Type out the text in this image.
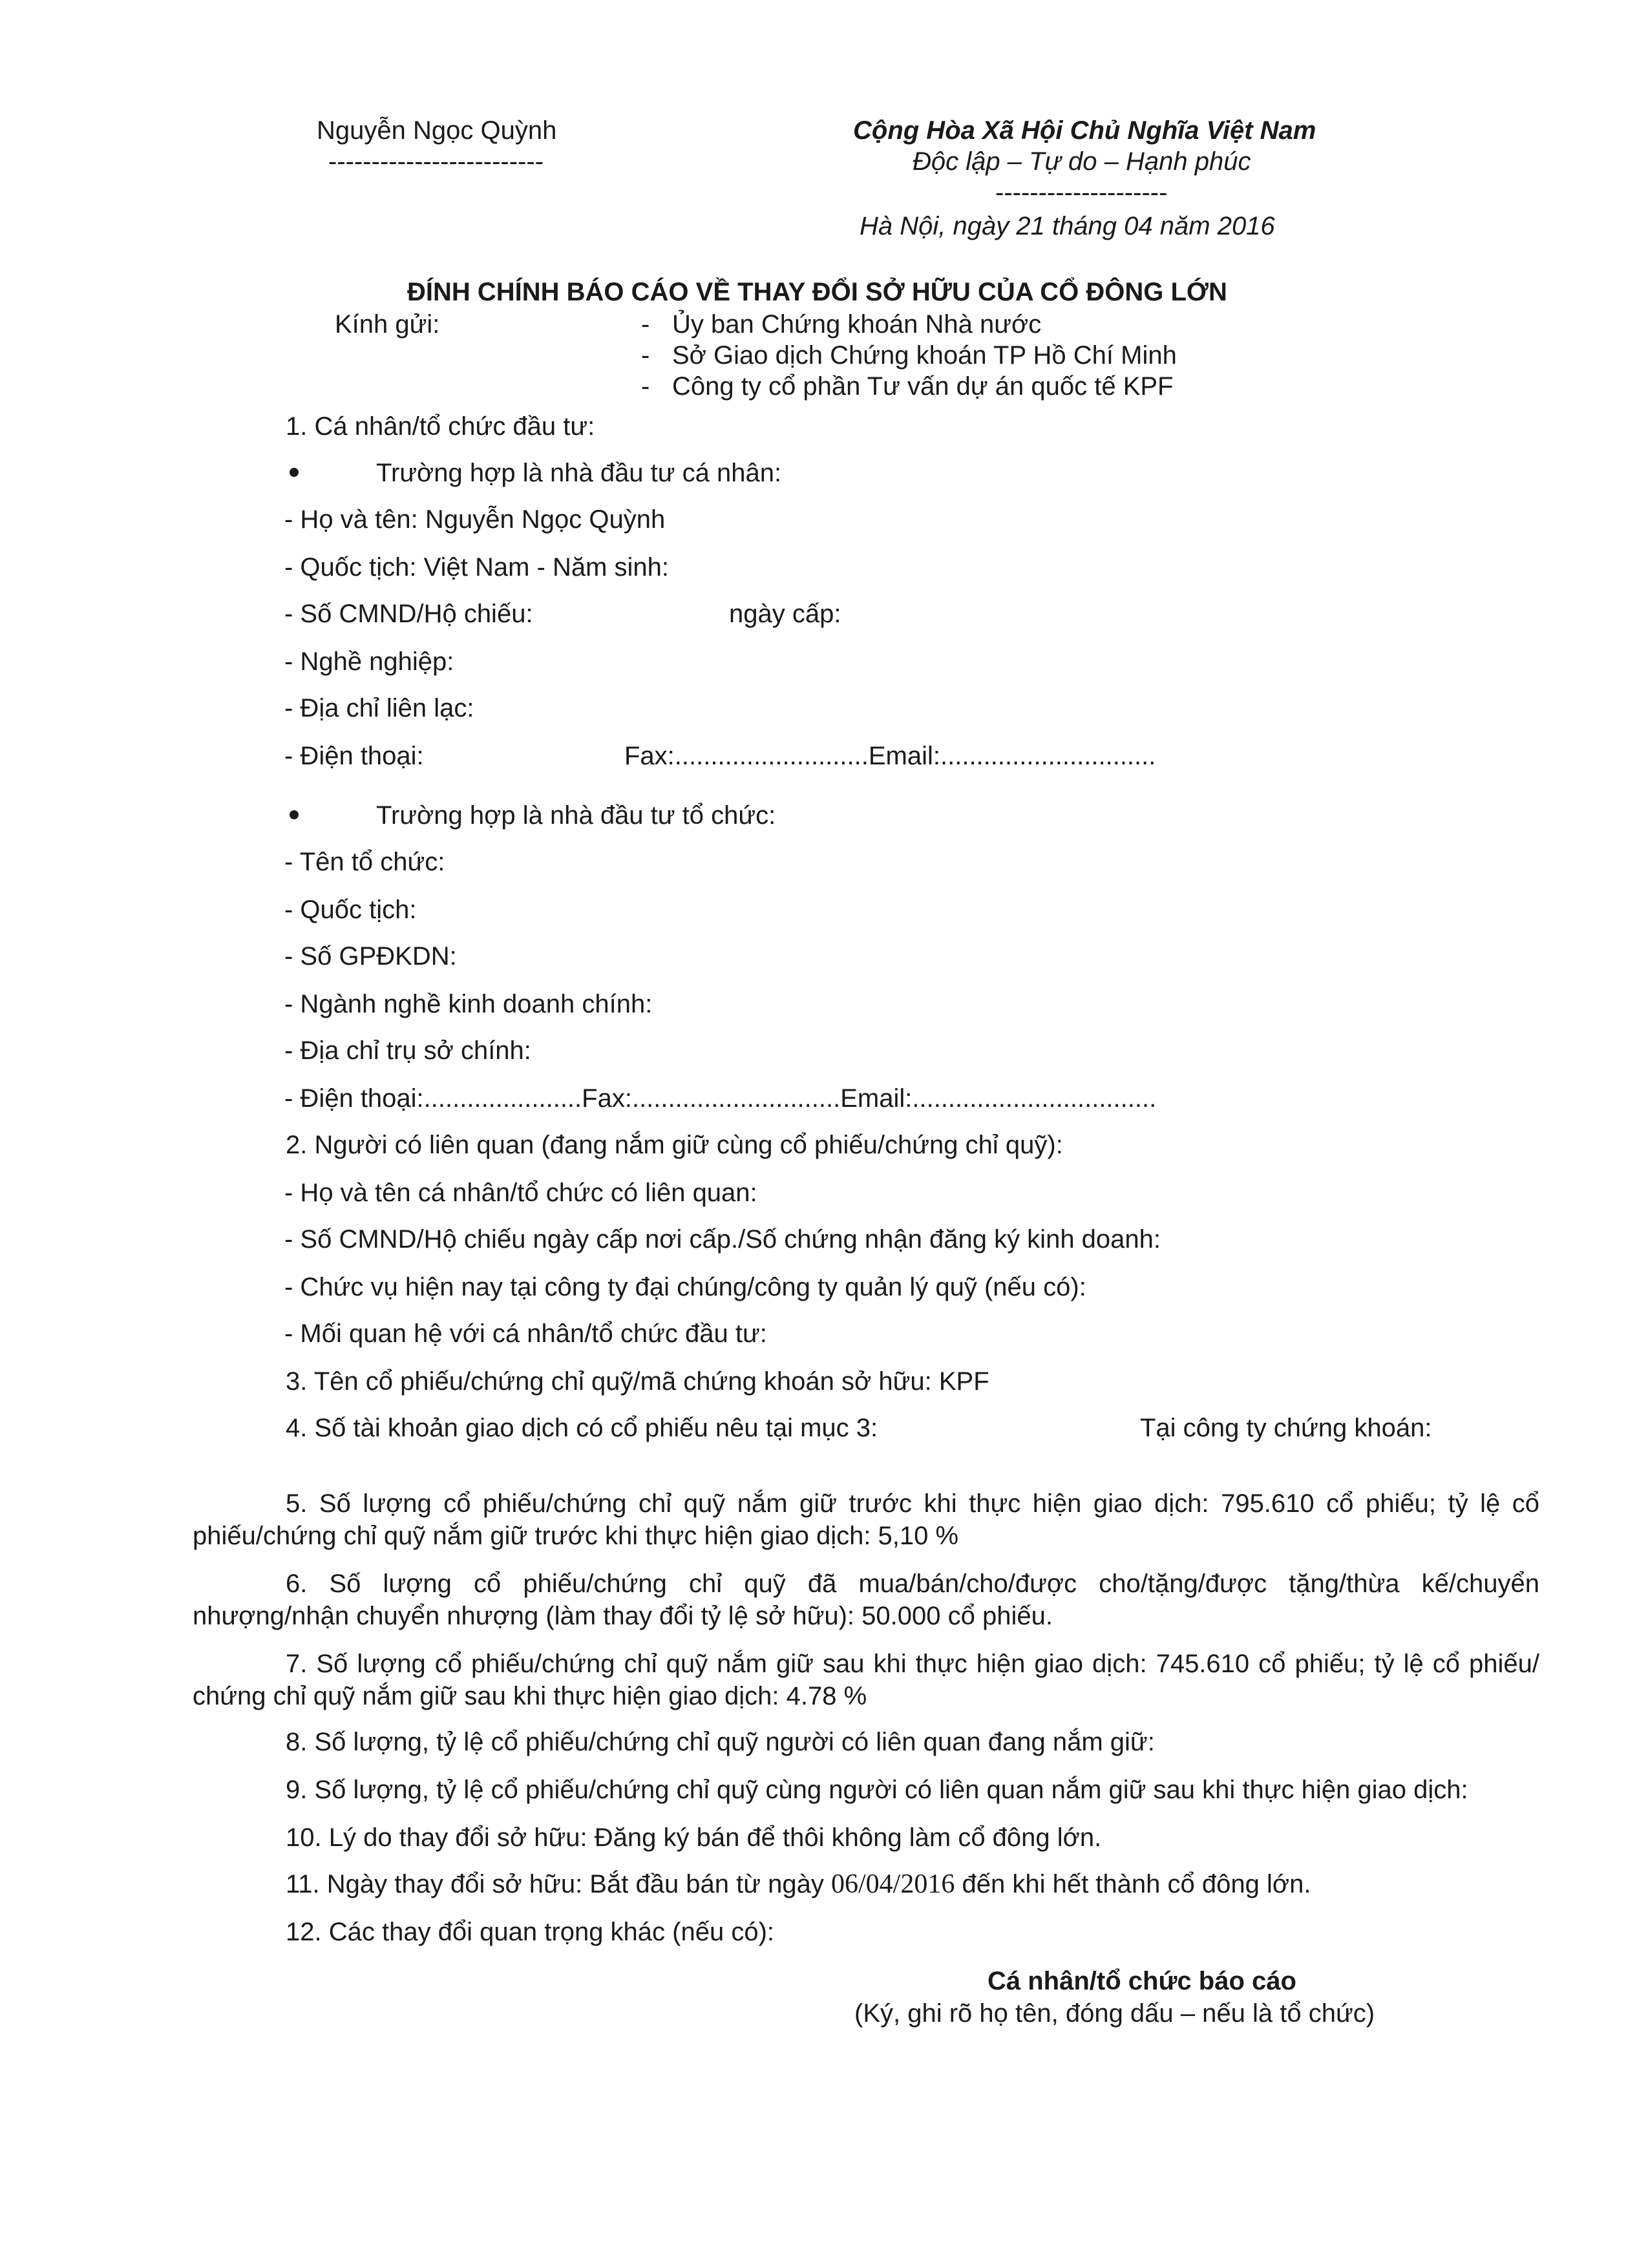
Nguyễn Ngọc Quỳnh
-------------------------
Cộng Hòa Xã Hội Chủ Nghĩa Việt Nam
Độc lập – Tự do – Hạnh phúc
--------------------
Hà Nội, ngày 21 tháng 04 năm 2016
ĐÍNH CHÍNH BÁO CÁO VỀ THAY ĐỔI SỞ HỮU CỦA CỔ ĐÔNG LỚN
Kính gửi:	- Ủy ban Chứng khoán Nhà nước
- Sở Giao dịch Chứng khoán TP Hồ Chí Minh
- Công ty cổ phần Tư vấn dự án quốc tế KPF
1. Cá nhân/tổ chức đầu tư:
Trường hợp là nhà đầu tư cá nhân:
- Họ và tên: Nguyễn Ngọc Quỳnh
- Quốc tịch: Việt Nam - Năm sinh:
- Số CMND/Hộ chiếu:	ngày cấp:
- Nghề nghiệp:
- Địa chỉ liên lạc:
- Điện thoại:	Fax:...........................Email:..............................
Trường hợp là nhà đầu tư tổ chức:
- Tên tổ chức:
- Quốc tịch:
- Số GPĐKDN:
- Ngành nghề kinh doanh chính:
- Địa chỉ trụ sở chính:
- Điện thoại:......................Fax:.............................Email:..................................
2. Người có liên quan (đang nắm giữ cùng cổ phiếu/chứng chỉ quỹ):
- Họ và tên cá nhân/tổ chức có liên quan:
- Số CMND/Hộ chiếu ngày cấp nơi cấp./Số chứng nhận đăng ký kinh doanh:
- Chức vụ hiện nay tại công ty đại chúng/công ty quản lý quỹ (nếu có):
- Mối quan hệ với cá nhân/tổ chức đầu tư:
3. Tên cổ phiếu/chứng chỉ quỹ/mã chứng khoán sở hữu: KPF
4. Số tài khoản giao dịch có cổ phiếu nêu tại mục 3:	Tại công ty chứng khoán:
5. Số lượng cổ phiếu/chứng chỉ quỹ nắm giữ trước khi thực hiện giao dịch: 795.610 cổ phiếu; tỷ lệ cổ phiếu/chứng chỉ quỹ nắm giữ trước khi thực hiện giao dịch: 5,10 %
6. Số lượng cổ phiếu/chứng chỉ quỹ đã mua/bán/cho/được cho/tặng/được tặng/thừa kế/chuyển nhượng/nhận chuyển nhượng (làm thay đổi tỷ lệ sở hữu): 50.000 cổ phiếu.
7. Số lượng cổ phiếu/chứng chỉ quỹ nắm giữ sau khi thực hiện giao dịch: 745.610 cổ phiếu; tỷ lệ cổ phiếu/ chứng chỉ quỹ nắm giữ sau khi thực hiện giao dịch: 4.78 %
8. Số lượng, tỷ lệ cổ phiếu/chứng chỉ quỹ người có liên quan đang nắm giữ:
9. Số lượng, tỷ lệ cổ phiếu/chứng chỉ quỹ cùng người có liên quan nắm giữ sau khi thực hiện giao dịch:
10. Lý do thay đổi sở hữu: Đăng ký bán để thôi không làm cổ đông lớn.
11. Ngày thay đổi sở hữu: Bắt đầu bán từ ngày 06/04/2016 đến khi hết thành cổ đông lớn.
12. Các thay đổi quan trọng khác (nếu có):
Cá nhân/tổ chức báo cáo
(Ký, ghi rõ họ tên, đóng dấu – nếu là tổ chức)
